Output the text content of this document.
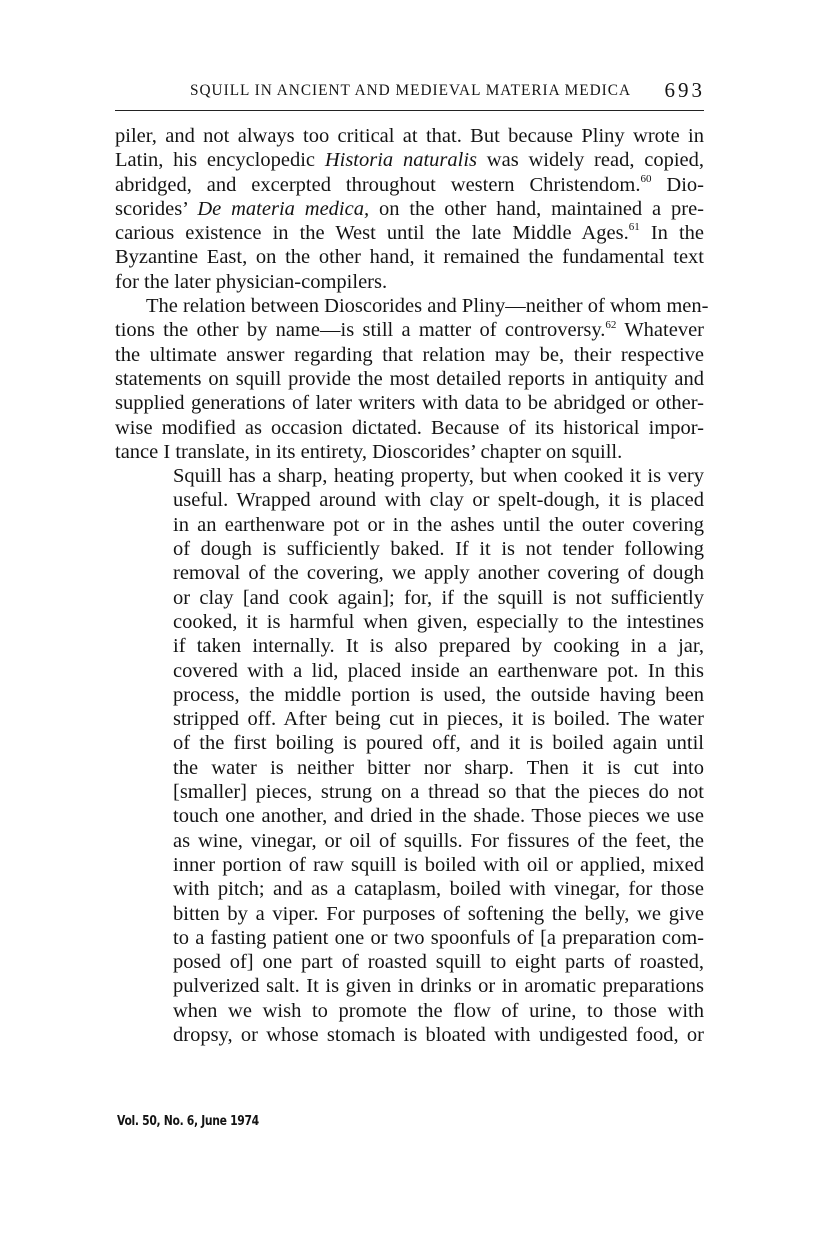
SQUILL IN ANCIENT AND MEDIEVAL MATERIA MEDICA 693
piler, and not always too critical at that. But because Pliny wrote in
Latin, his encyclopedic Historia naturalis was widely read, copied,
abridged, and excerpted throughout western Christendom.$^{60}$ Dio-
scorides’ De materia medica, on the other hand, maintained a pre-
carious existence in the West until the late Middle Ages.$^{61}$ In the
Byzantine East, on the other hand, it remained the fundamental text
for the later physician-compilers.
The relation between Dioscorides and Pliny—neither of whom men-
tions the other by name—is still a matter of controversy.$^{62}$ Whatever
the ultimate answer regarding that relation may be, their respective
statements on squill provide the most detailed reports in antiquity and
supplied generations of later writers with data to be abridged or other-
wise modified as occasion dictated. Because of its historical impor-
tance I translate, in its entirety, Dioscorides’ chapter on squill.
Squill has a sharp, heating property, but when cooked it is very
useful. Wrapped around with clay or spelt-dough, it is placed
in an earthenware pot or in the ashes until the outer covering
of dough is sufficiently baked. If it is not tender following
removal of the covering, we apply another covering of dough
or clay [and cook again]; for, if the squill is not sufficiently
cooked, it is harmful when given, especially to the intestines
if taken internally. It is also prepared by cooking in a jar,
covered with a lid, placed inside an earthenware pot. In this
process, the middle portion is used, the outside having been
stripped off. After being cut in pieces, it is boiled. The water
of the first boiling is poured off, and it is boiled again until
the water is neither bitter nor sharp. Then it is cut into
[smaller] pieces, strung on a thread so that the pieces do not
touch one another, and dried in the shade. Those pieces we use
as wine, vinegar, or oil of squills. For fissures of the feet, the
inner portion of raw squill is boiled with oil or applied, mixed
with pitch; and as a cataplasm, boiled with vinegar, for those
bitten by a viper. For purposes of softening the belly, we give
to a fasting patient one or two spoonfuls of [a preparation com-
posed of] one part of roasted squill to eight parts of roasted,
pulverized salt. It is given in drinks or in aromatic preparations
when we wish to promote the flow of urine, to those with
dropsy, or whose stomach is bloated with undigested food, or
Vol. 50, No. 6, June 1974
